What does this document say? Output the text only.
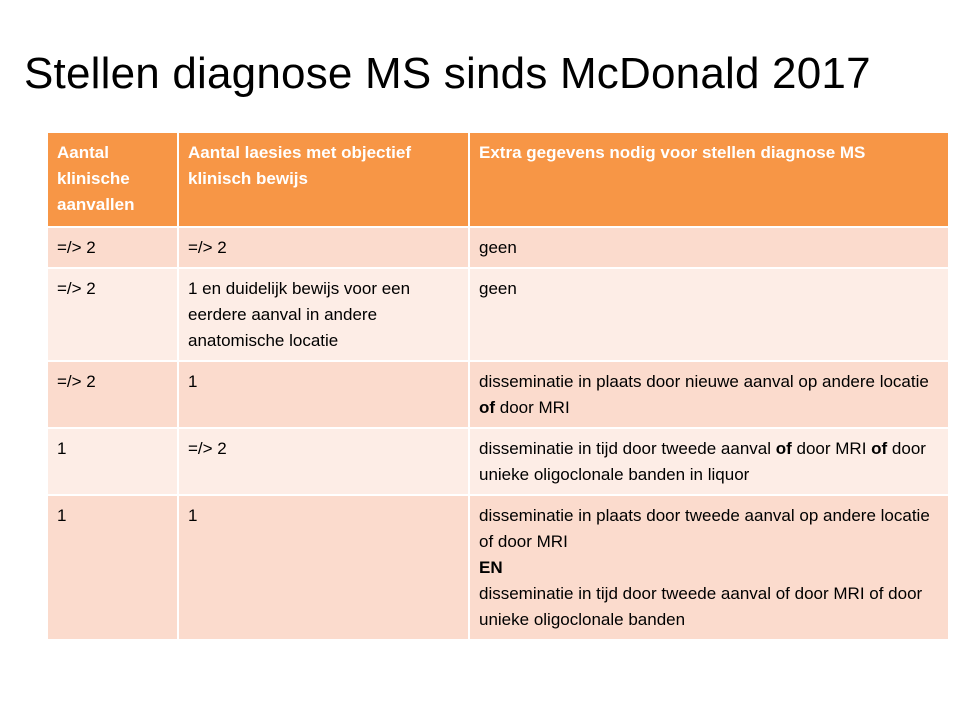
Stellen diagnose MS sinds McDonald 2017
Aantal klinische aanvallen	Aantal laesies met objectief klinisch bewijs	Extra gegevens nodig voor stellen diagnose MS
=/> 2	=/> 2	geen
=/> 2	1 en duidelijk bewijs voor een eerdere aanval in andere anatomische locatie	geen
=/> 2	1	disseminatie in plaats door nieuwe aanval op andere locatie of door MRI
1	=/> 2	disseminatie in tijd door tweede aanval of door MRI of door unieke oligoclonale banden in liquor
1	1	disseminatie in plaats door tweede aanval op andere locatie of door MRI
EN
disseminatie in tijd door tweede aanval of door MRI of door unieke oligoclonale banden
